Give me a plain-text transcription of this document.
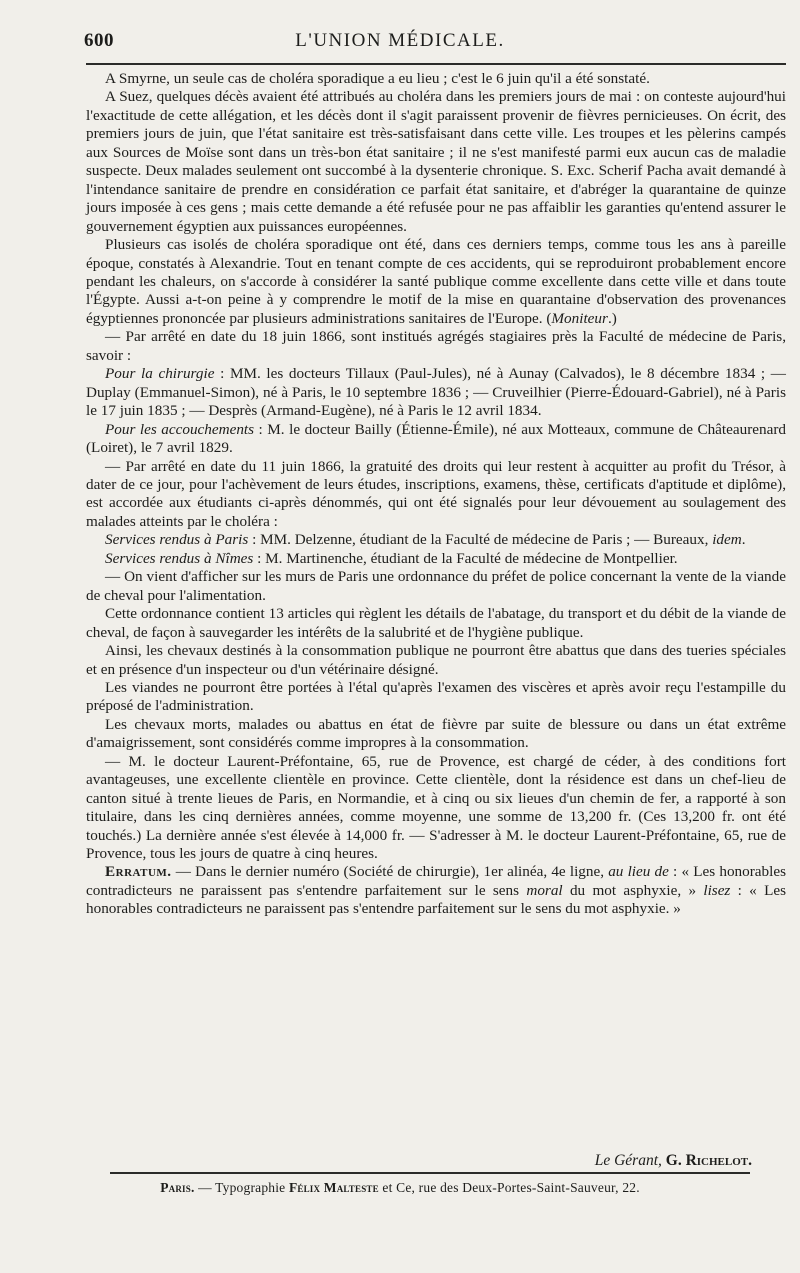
600	L'UNION MÉDICALE.

A Smyrne, un seule cas de choléra sporadique a eu lieu ; c'est le 6 juin qu'il a été sonstaté.

A Suez, quelques décès avaient été attribués au choléra dans les premiers jours de mai : on conteste aujourd'hui l'exactitude de cette allégation, et les décès dont il s'agit paraissent provenir de fièvres pernicieuses. On écrit, des premiers jours de juin, que l'état sanitaire est très-satisfaisant dans cette ville. Les troupes et les pèlerins campés aux Sources de Moïse sont dans un très-bon état sanitaire ; il ne s'est manifesté parmi eux aucun cas de maladie suspecte. Deux malades seulement ont succombé à la dysenterie chronique. S. Exc. Scherif Pacha avait demandé à l'intendance sanitaire de prendre en considération ce parfait état sanitaire, et d'abréger la quarantaine de quinze jours imposée à ces gens ; mais cette demande a été refusée pour ne pas affaiblir les garanties qu'entend assurer le gouvernement égyptien aux puissances européennes.

Plusieurs cas isolés de choléra sporadique ont été, dans ces derniers temps, comme tous les ans à pareille époque, constatés à Alexandrie. Tout en tenant compte de ces accidents, qui se reproduiront probablement encore pendant les chaleurs, on s'accorde à considérer la santé publique comme excellente dans cette ville et dans toute l'Égypte. Aussi a-t-on peine à y comprendre le motif de la mise en quarantaine d'observation des provenances égyptiennes prononcée par plusieurs administrations sanitaires de l'Europe. (Moniteur.)

— Par arrêté en date du 18 juin 1866, sont institués agrégés stagiaires près la Faculté de médecine de Paris, savoir :

Pour la chirurgie : MM. les docteurs Tillaux (Paul-Jules), né à Aunay (Calvados), le 8 décembre 1834 ; — Duplay (Emmanuel-Simon), né à Paris, le 10 septembre 1836 ; — Cruveilhier (Pierre-Édouard-Gabriel), né à Paris le 17 juin 1835 ; — Desprès (Armand-Eugène), né à Paris le 12 avril 1834.

Pour les accouchements : M. le docteur Bailly (Étienne-Émile), né aux Motteaux, commune de Châteaurenard (Loiret), le 7 avril 1829.

— Par arrêté en date du 11 juin 1866, la gratuité des droits qui leur restent à acquitter au profit du Trésor, à dater de ce jour, pour l'achèvement de leurs études, inscriptions, examens, thèse, certificats d'aptitude et diplôme), est accordée aux étudiants ci-après dénommés, qui ont été signalés pour leur dévouement au soulagement des malades atteints par le choléra :

Services rendus à Paris : MM. Delzenne, étudiant de la Faculté de médecine de Paris ; — Bureaux, idem.

Services rendus à Nîmes : M. Martinenche, étudiant de la Faculté de médecine de Montpellier.

— On vient d'afficher sur les murs de Paris une ordonnance du préfet de police concernant la vente de la viande de cheval pour l'alimentation.

Cette ordonnance contient 13 articles qui règlent les détails de l'abatage, du transport et du débit de la viande de cheval, de façon à sauvegarder les intérêts de la salubrité et de l'hygiène publique.

Ainsi, les chevaux destinés à la consommation publique ne pourront être abattus que dans des tueries spéciales et en présence d'un inspecteur ou d'un vétérinaire désigné.

Les viandes ne pourront être portées à l'étal qu'après l'examen des viscères et après avoir reçu l'estampille du préposé de l'administration.

Les chevaux morts, malades ou abattus en état de fièvre par suite de blessure ou dans un état extrême d'amaigrissement, sont considérés comme impropres à la consommation.

— M. le docteur Laurent-Préfontaine, 65, rue de Provence, est chargé de céder, à des conditions fort avantageuses, une excellente clientèle en province. Cette clientèle, dont la résidence est dans un chef-lieu de canton situé à trente lieues de Paris, en Normandie, et à cinq ou six lieues d'un chemin de fer, a rapporté à son titulaire, dans les cinq dernières années, comme moyenne, une somme de 13,200 fr. (Ces 13,200 fr. ont été touchés.) La dernière année s'est élevée à 14,000 fr. — S'adresser à M. le docteur Laurent-Préfontaine, 65, rue de Provence, tous les jours de quatre à cinq heures.

Erratum. — Dans le dernier numéro (Société de chirurgie), 1er alinéa, 4e ligne, au lieu de : « Les honorables contradicteurs ne paraissent pas s'entendre parfaitement sur le sens moral du mot asphyxie, » lisez : « Les honorables contradicteurs ne paraissent pas s'entendre parfaitement sur le sens du mot asphyxie. »

Le Gérant, G. Richelot.
Paris. — Typographie Félix Malteste et Ce, rue des Deux-Portes-Saint-Sauveur, 22.
